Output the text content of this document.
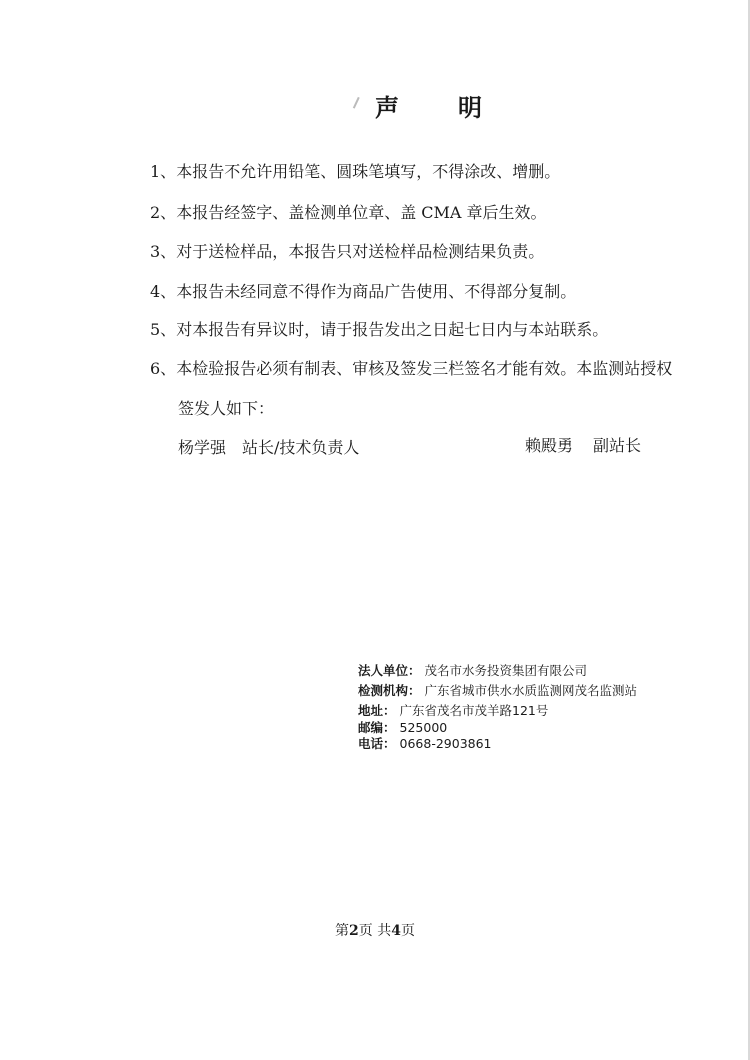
声 明
1、本报告不允许用铅笔、圆珠笔填写，不得涂改、增删。
2、本报告经签字、盖检测单位章、盖 CMA 章后生效。
3、对于送检样品，本报告只对送检样品检测结果负责。
4、本报告未经同意不得作为商品广告使用、不得部分复制。
5、对本报告有异议时，请于报告发出之日起七日内与本站联系。
6、本检验报告必须有制表、审核及签发三栏签名才能有效。本监测站授权
签发人如下：
杨学强 站长/技术负责人	赖殿勇 副站长
法人单位： 茂名市水务投资集团有限公司
检测机构： 广东省城市供水水质监测网茂名监测站
地址： 广东省茂名市茂羊路121号
邮编： 525000
电话： 0668-2903861
第2页 共4页
